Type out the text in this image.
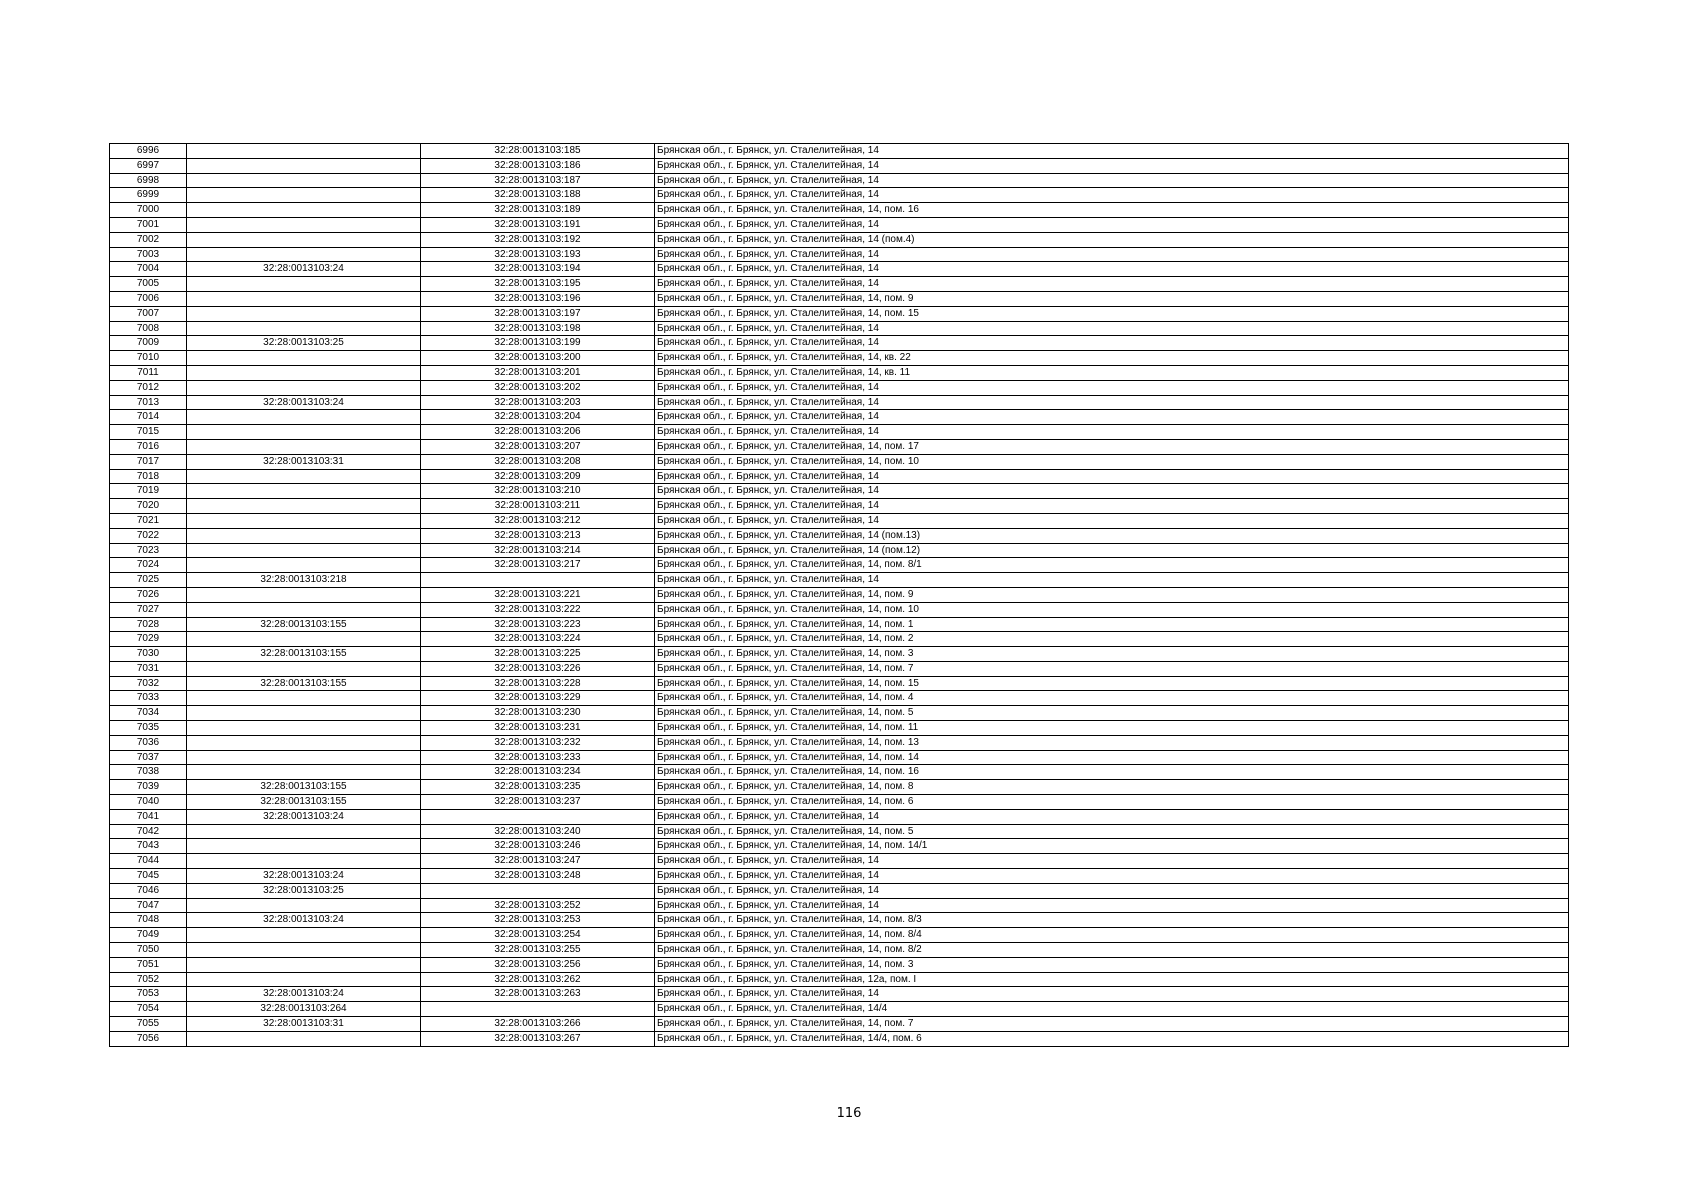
6996		32:28:0013103:185	Брянская обл., г. Брянск, ул. Сталелитейная, 14
6997		32:28:0013103:186	Брянская обл., г. Брянск, ул. Сталелитейная, 14
6998		32:28:0013103:187	Брянская обл., г. Брянск, ул. Сталелитейная, 14
6999		32:28:0013103:188	Брянская обл., г. Брянск, ул. Сталелитейная, 14
7000		32:28:0013103:189	Брянская обл., г. Брянск, ул. Сталелитейная, 14, пом. 16
7001		32:28:0013103:191	Брянская обл., г. Брянск, ул. Сталелитейная, 14
7002		32:28:0013103:192	Брянская обл., г. Брянск, ул. Сталелитейная, 14 (пом.4)
7003		32:28:0013103:193	Брянская обл., г. Брянск, ул. Сталелитейная, 14
7004	32:28:0013103:24	32:28:0013103:194	Брянская обл., г. Брянск, ул. Сталелитейная, 14
7005		32:28:0013103:195	Брянская обл., г. Брянск, ул. Сталелитейная, 14
7006		32:28:0013103:196	Брянская обл., г. Брянск, ул. Сталелитейная, 14, пом. 9
7007		32:28:0013103:197	Брянская обл., г. Брянск, ул. Сталелитейная, 14, пом. 15
7008		32:28:0013103:198	Брянская обл., г. Брянск, ул. Сталелитейная, 14
7009	32:28:0013103:25	32:28:0013103:199	Брянская обл., г. Брянск, ул. Сталелитейная, 14
7010		32:28:0013103:200	Брянская обл., г. Брянск, ул. Сталелитейная, 14, кв. 22
7011		32:28:0013103:201	Брянская обл., г. Брянск, ул. Сталелитейная, 14, кв. 11
7012		32:28:0013103:202	Брянская обл., г. Брянск, ул. Сталелитейная, 14
7013	32:28:0013103:24	32:28:0013103:203	Брянская обл., г. Брянск, ул. Сталелитейная, 14
7014		32:28:0013103:204	Брянская обл., г. Брянск, ул. Сталелитейная, 14
7015		32:28:0013103:206	Брянская обл., г. Брянск, ул. Сталелитейная, 14
7016		32:28:0013103:207	Брянская обл., г. Брянск, ул. Сталелитейная, 14, пом. 17
7017	32:28:0013103:31	32:28:0013103:208	Брянская обл., г. Брянск, ул. Сталелитейная, 14, пом. 10
7018		32:28:0013103:209	Брянская обл., г. Брянск, ул. Сталелитейная, 14
7019		32:28:0013103:210	Брянская обл., г. Брянск, ул. Сталелитейная, 14
7020		32:28:0013103:211	Брянская обл., г. Брянск, ул. Сталелитейная, 14
7021		32:28:0013103:212	Брянская обл., г. Брянск, ул. Сталелитейная, 14
7022		32:28:0013103:213	Брянская обл., г. Брянск, ул. Сталелитейная, 14 (пом.13)
7023		32:28:0013103:214	Брянская обл., г. Брянск, ул. Сталелитейная, 14 (пом.12)
7024		32:28:0013103:217	Брянская обл., г. Брянск, ул. Сталелитейная, 14, пом. 8/1
7025	32:28:0013103:218		Брянская обл., г. Брянск, ул. Сталелитейная, 14
7026		32:28:0013103:221	Брянская обл., г. Брянск, ул. Сталелитейная, 14, пом. 9
7027		32:28:0013103:222	Брянская обл., г. Брянск, ул. Сталелитейная, 14, пом. 10
7028	32:28:0013103:155	32:28:0013103:223	Брянская обл., г. Брянск, ул. Сталелитейная, 14, пом. 1
7029		32:28:0013103:224	Брянская обл., г. Брянск, ул. Сталелитейная, 14, пом. 2
7030	32:28:0013103:155	32:28:0013103:225	Брянская обл., г. Брянск, ул. Сталелитейная, 14, пом. 3
7031		32:28:0013103:226	Брянская обл., г. Брянск, ул. Сталелитейная, 14, пом. 7
7032	32:28:0013103:155	32:28:0013103:228	Брянская обл., г. Брянск, ул. Сталелитейная, 14, пом. 15
7033		32:28:0013103:229	Брянская обл., г. Брянск, ул. Сталелитейная, 14, пом. 4
7034		32:28:0013103:230	Брянская обл., г. Брянск, ул. Сталелитейная, 14, пом. 5
7035		32:28:0013103:231	Брянская обл., г. Брянск, ул. Сталелитейная, 14, пом. 11
7036		32:28:0013103:232	Брянская обл., г. Брянск, ул. Сталелитейная, 14, пом. 13
7037		32:28:0013103:233	Брянская обл., г. Брянск, ул. Сталелитейная, 14, пом. 14
7038		32:28:0013103:234	Брянская обл., г. Брянск, ул. Сталелитейная, 14, пом. 16
7039	32:28:0013103:155	32:28:0013103:235	Брянская обл., г. Брянск, ул. Сталелитейная, 14, пом. 8
7040	32:28:0013103:155	32:28:0013103:237	Брянская обл., г. Брянск, ул. Сталелитейная, 14, пом. 6
7041	32:28:0013103:24		Брянская обл., г. Брянск, ул. Сталелитейная, 14
7042		32:28:0013103:240	Брянская обл., г. Брянск, ул. Сталелитейная, 14, пом. 5
7043		32:28:0013103:246	Брянская обл., г. Брянск, ул. Сталелитейная, 14, пом. 14/1
7044		32:28:0013103:247	Брянская обл., г. Брянск, ул. Сталелитейная, 14
7045	32:28:0013103:24	32:28:0013103:248	Брянская обл., г. Брянск, ул. Сталелитейная, 14
7046	32:28:0013103:25		Брянская обл., г. Брянск, ул. Сталелитейная, 14
7047		32:28:0013103:252	Брянская обл., г. Брянск, ул. Сталелитейная, 14
7048	32:28:0013103:24	32:28:0013103:253	Брянская обл., г. Брянск, ул. Сталелитейная, 14, пом. 8/3
7049		32:28:0013103:254	Брянская обл., г. Брянск, ул. Сталелитейная, 14, пом. 8/4
7050		32:28:0013103:255	Брянская обл., г. Брянск, ул. Сталелитейная, 14, пом. 8/2
7051		32:28:0013103:256	Брянская обл., г. Брянск, ул. Сталелитейная, 14, пом. 3
7052		32:28:0013103:262	Брянская обл., г. Брянск, ул. Сталелитейная, 12а, пом. I
7053	32:28:0013103:24	32:28:0013103:263	Брянская обл., г. Брянск, ул. Сталелитейная, 14
7054	32:28:0013103:264		Брянская обл., г. Брянск, ул. Сталелитейная, 14/4
7055	32:28:0013103:31	32:28:0013103:266	Брянская обл., г. Брянск, ул. Сталелитейная, 14, пом. 7
7056		32:28:0013103:267	Брянская обл., г. Брянск, ул. Сталелитейная, 14/4, пом. 6
116
